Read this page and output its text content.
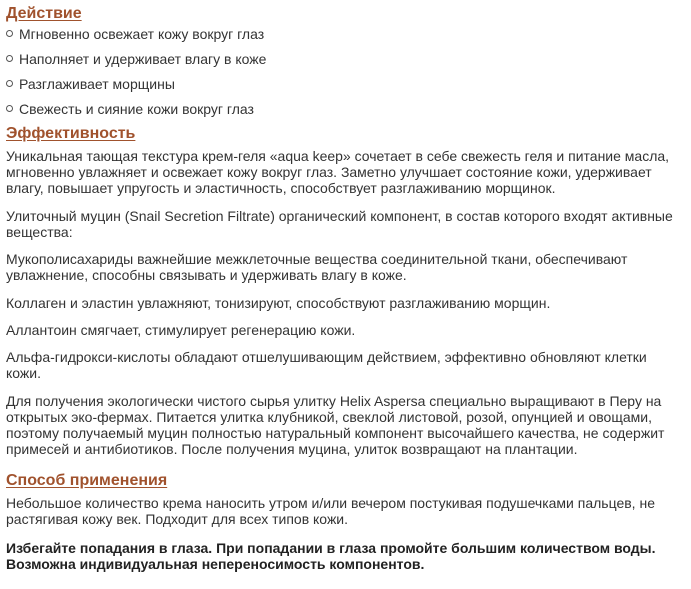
Действие
Мгновенно освежает кожу вокруг глаз
Наполняет и удерживает влагу в коже
Разглаживает морщины
Свежесть и сияние кожи вокруг глаз
Эффективность

Уникальная тающая текстура крем-геля «aqua keep» сочетает в себе свежесть геля и питание масла, мгновенно увлажняет и освежает кожу вокруг глаз. Заметно улучшает состояние кожи, удерживает влагу, повышает упругость и эластичность, способствует разглаживанию морщинок.

Улиточный муцин (Snail Secretion Filtrate) органический компонент, в состав которого входят активные вещества:

Мукополисахариды важнейшие межклеточные вещества соединительной ткани, обеспечивают увлажнение, способны связывать и удерживать влагу в коже.

Коллаген и эластин увлажняют, тонизируют, способствуют разглаживанию морщин.

Аллантоин смягчает, стимулирует регенерацию кожи.

Альфа-гидрокси-кислоты обладают отшелушивающим действием, эффективно обновляют клетки кожи.

Для получения экологически чистого сырья улитку Helix Aspersa специально выращивают в Перу на открытых эко-фермах. Питается улитка клубникой, свеклой листовой, розой, опунцией и овощами, поэтому получаемый муцин полностью натуральный компонент высочайшего качества, не содержит примесей и антибиотиков. После получения муцина, улиток возвращают на плантации.

Способ применения

Небольшое количество крема наносить утром и/или вечером постукивая подушечками пальцев, не растягивая кожу век. Подходит для всех типов кожи.

Избегайте попадания в глаза. При попадании в глаза промойте большим количеством воды. Возможна индивидуальная непереносимость компонентов.
